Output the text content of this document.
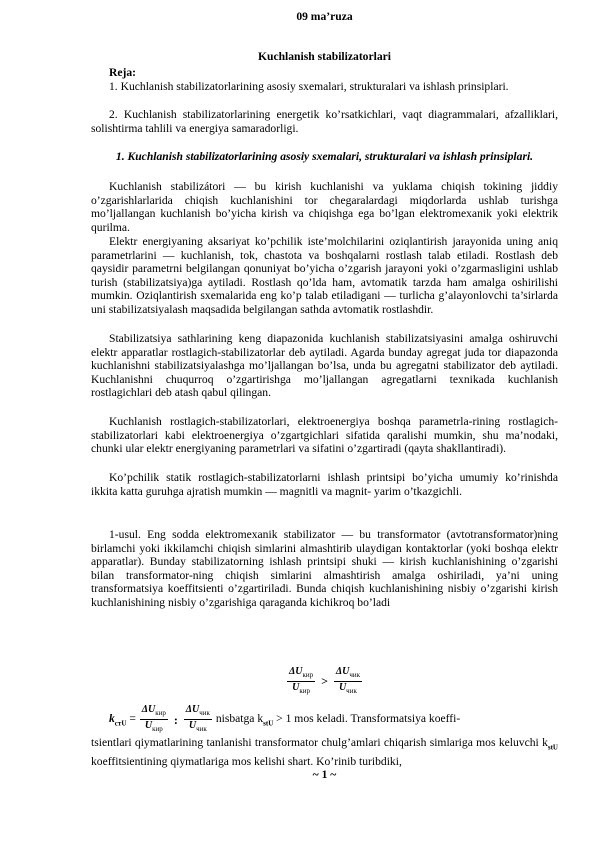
09 ma’ruza
Kuchlanish stabilizatorlari
Reja:
1. Kuchlanish stabilizatorlarining asosiy sxemalari, strukturalari va ishlash prinsiplari.
2. Kuchlanish stabilizatorlarining energetik ko’rsatkichlari, vaqt diagrammalari, afzalliklari, solishtirma tahlili va energiya samaradorligi.
1. Kuchlanish stabilizatorlarining asosiy sxemalari, strukturalari va ishlash prinsiplari.
Kuchlanish stabilizátori — bu kirish kuchlanishi va yuklama chiqish tokining jiddiy o’zgarishlarlarida chiqish kuchlanishini tor chegaralardagi miqdorlarda ushlab turishga mo’ljallangan kuchlanish bo’yicha kirish va chiqishga ega bo’lgan elektromexanik yoki elektrik qurilma.
Elektr energiyaning aksariyat ko’pchilik iste’molchilarini oziqlantirish jarayonida uning aniq parametrlarini — kuchlanish, tok, chastota va boshqalarni rostlash talab etiladi. Rostlash deb qaysidir parametrni belgilangan qonuniyat bo’yicha o’zgarish jarayoni yoki o’zgarmasligini ushlab turish (stabilizatsiya)ga aytiladi. Rostlash qo’lda ham, avtomatik tarzda ham amalga oshirilishi mumkin. Oziqlantirish sxemalarida eng ko’p talab etiladigani — turlicha g’alayonlovchi ta’sirlarda uni stabilizatsiyalash maqsadida belgilangan sathda avtomatik rostlashdir.
Stabilizatsiya sathlarining keng diapazonida kuchlanish stabilizatsiyasini amalga oshiruvchi elektr apparatlar rostlagich-stabilizatorlar deb aytiladi. Agarda bunday agregat juda tor diapazonda kuchlanishni stabilizatsiyalashga mo’ljallangan bo’lsa, unda bu agregatni stabilizator deb aytiladi. Kuchlanishni chuqurroq o’zgartirishga mo’ljallangan agregatlarni texnikada kuchlanish rostlagichlari deb atash qabul qilingan.
Kuchlanish rostlagich-stabilizatorlari, elektroenergiya boshqa parametrla-rining rostlagich-stabilizatorlari kabi elektroenergiya o’zgartgichlari sifatida qaralishi mumkin, shu ma’nodaki, chunki ular elektr energiyaning parametrlari va sifatini o’zgartiradi (qayta shakllantiradi).
Ko’pchilik statik rostlagich-stabilizatorlarni ishlash printsipi bo’yicha umumiy ko’rinishda ikkita katta guruhga ajratish mumkin — magnitli va magnit- yarim o’tkazgichli.
1-usul. Eng sodda elektromexanik stabilizator — bu transformator (avtotransformator)ning birlamchi yoki ikkilamchi chiqish simlarini almashtirib ulaydigan kontaktorlar (yoki boshqa elektr apparatlar). Bunday stabilizatorning ishlash printsipi shuki — kirish kuchlanishining o’zgarishi bilan transformator-ning chiqish simlarini almashtirish amalga oshiriladi, ya’ni uning transformatsiya koeffitsienti o’zgartiriladi. Bunda chiqish kuchlanishining nisbiy o’zgarishi kirish kuchlanishining nisbiy o’zgarishiga qaraganda kichikroq bo’ladi
$\frac{\Delta U_{кир}}{U_{кир}} > \frac{\Delta U_{чик}}{U_{чик}}$
$k_{стU} = \frac{\Delta U_{кир}}{U_{кир}}$ : $\frac{\Delta U_{чик}}{U_{чик}}$ nisbatga $k_{stU} > 1$ mos keladi. Transformatsiya koeffi-
tsientlari qiymatlarining tanlanishi transformator chulg’amlari chiqarish simlariga mos keluvchi $k_{stU}$ koeffitsientining qiymatlariga mos kelishi shart. Ko’rinib turibdiki,
~ 1 ~
